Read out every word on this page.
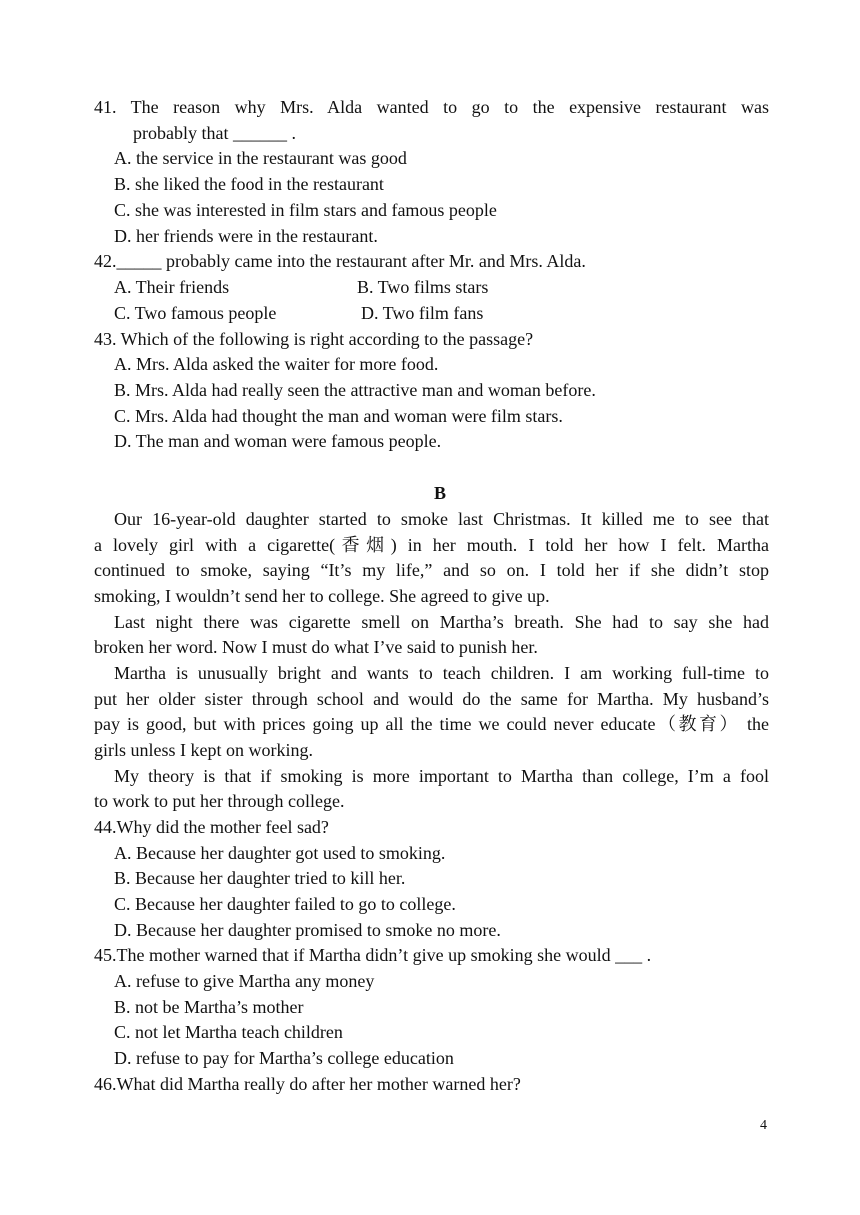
41. The reason why Mrs. Alda wanted to go to the expensive restaurant was
probably that ______ .
A. the service in the restaurant was good
B. she liked the food in the restaurant
C. she was interested in film stars and famous people
D. her friends were in the restaurant.
42._____ probably came into the restaurant after Mr. and Mrs. Alda.
A. Their friends	B. Two films stars
C. Two famous people	D. Two film fans
43. Which of the following is right according to the passage?
A. Mrs. Alda asked the waiter for more food.
B. Mrs. Alda had really seen the attractive man and woman before.
C. Mrs. Alda had thought the man and woman were film stars.
D. The man and woman were famous people.
B
Our 16-year-old daughter started to smoke last Christmas. It killed me to see that
a lovely girl with a cigarette(香烟) in her mouth. I told her how I felt. Martha
continued to smoke, saying “It’s my life,” and so on. I told her if she didn’t stop
smoking, I wouldn’t send her to college. She agreed to give up.
Last night there was cigarette smell on Martha’s breath. She had to say she had
broken her word. Now I must do what I’ve said to punish her.
Martha is unusually bright and wants to teach children. I am working full-time to
put her older sister through school and would do the same for Martha. My husband’s
pay is good, but with prices going up all the time we could never educate（教育） the
girls unless I kept on working.
My theory is that if smoking is more important to Martha than college, I’m a fool
to work to put her through college.
44.Why did the mother feel sad?
A. Because her daughter got used to smoking.
B. Because her daughter tried to kill her.
C. Because her daughter failed to go to college.
D. Because her daughter promised to smoke no more.
45.The mother warned that if Martha didn’t give up smoking she would ___ .
A. refuse to give Martha any money
B. not be Martha’s mother
C. not let Martha teach children
D. refuse to pay for Martha’s college education
46.What did Martha really do after her mother warned her?
4
